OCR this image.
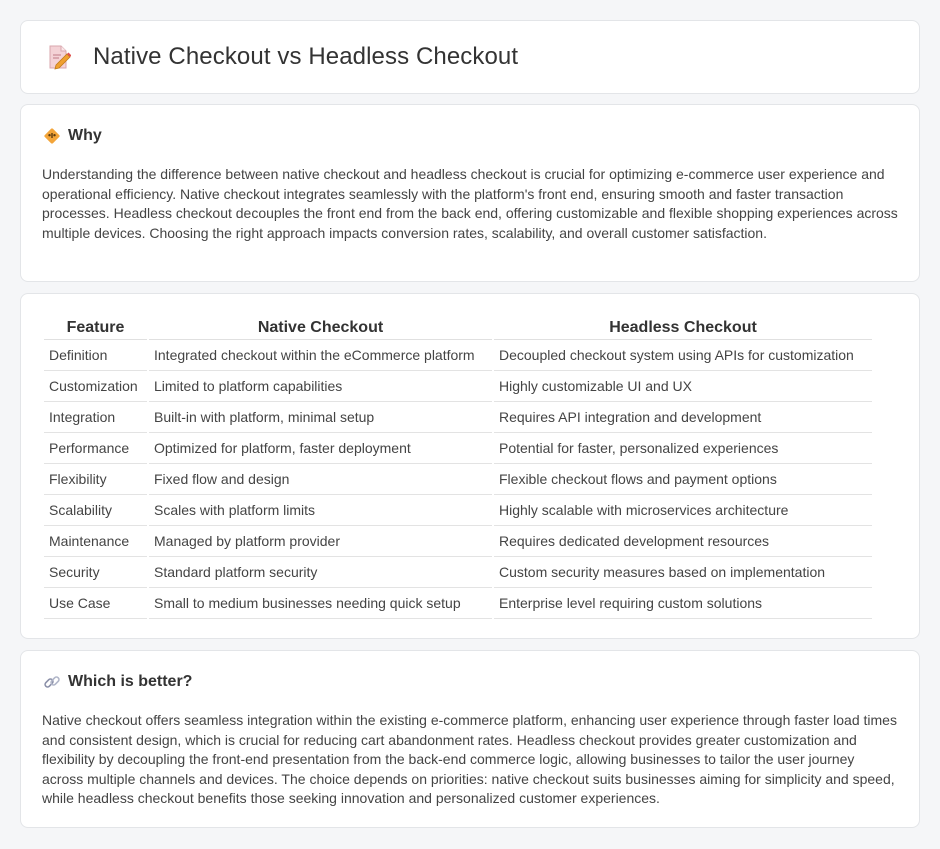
Native Checkout vs Headless Checkout
Why

Understanding the difference between native checkout and headless checkout is crucial for optimizing e-commerce user experience and operational efficiency. Native checkout integrates seamlessly with the platform's front end, ensuring smooth and faster transaction processes. Headless checkout decouples the front end from the back end, offering customizable and flexible shopping experiences across multiple devices. Choosing the right approach impacts conversion rates, scalability, and overall customer satisfaction.

Feature	Native Checkout	Headless Checkout
Definition	Integrated checkout within the eCommerce platform	Decoupled checkout system using APIs for customization
Customization	Limited to platform capabilities	Highly customizable UI and UX
Integration	Built-in with platform, minimal setup	Requires API integration and development
Performance	Optimized for platform, faster deployment	Potential for faster, personalized experiences
Flexibility	Fixed flow and design	Flexible checkout flows and payment options
Scalability	Scales with platform limits	Highly scalable with microservices architecture
Maintenance	Managed by platform provider	Requires dedicated development resources
Security	Standard platform security	Custom security measures based on implementation
Use Case	Small to medium businesses needing quick setup	Enterprise level requiring custom solutions
Which is better?

Native checkout offers seamless integration within the existing e-commerce platform, enhancing user experience through faster load times and consistent design, which is crucial for reducing cart abandonment rates. Headless checkout provides greater customization and flexibility by decoupling the front-end presentation from the back-end commerce logic, allowing businesses to tailor the user journey across multiple channels and devices. The choice depends on priorities: native checkout suits businesses aiming for simplicity and speed, while headless checkout benefits those seeking innovation and personalized customer experiences.
